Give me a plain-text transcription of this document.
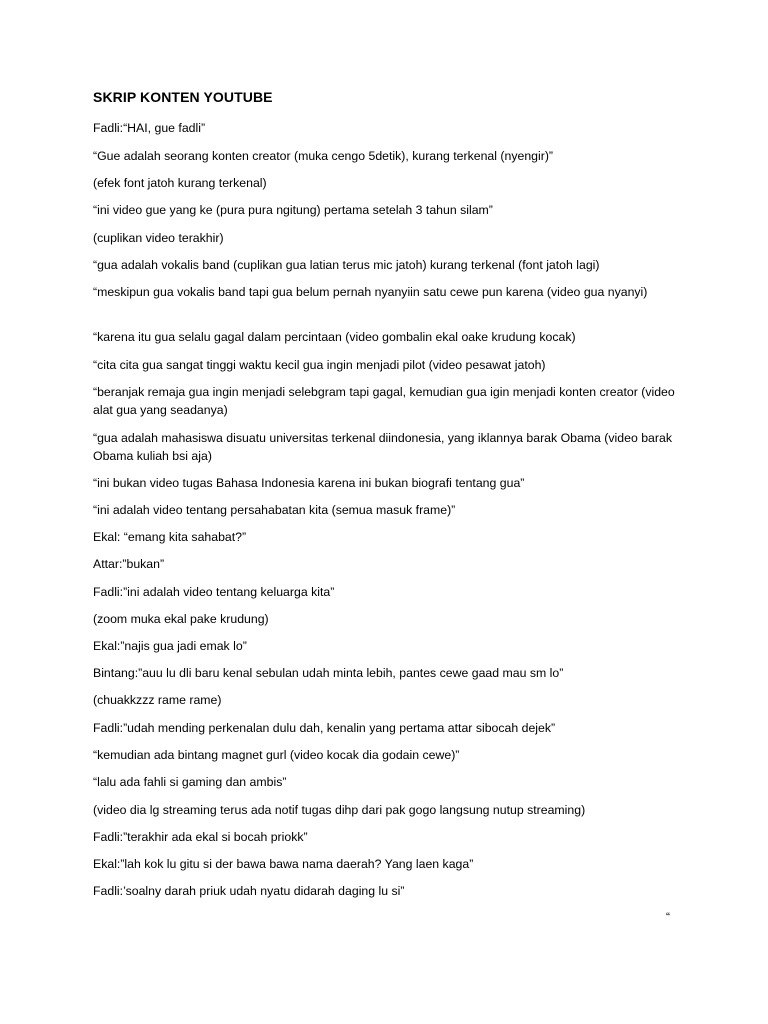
SKRIP KONTEN YOUTUBE
Fadli:“HAI, gue fadli”
“Gue adalah seorang konten creator (muka cengo 5detik), kurang terkenal (nyengir)”
(efek font jatoh kurang terkenal)
“ini video gue yang ke (pura pura ngitung) pertama setelah 3 tahun silam”
(cuplikan video terakhir)
“gua adalah vokalis band (cuplikan gua latian terus mic jatoh) kurang terkenal (font jatoh lagi)
“meskipun gua vokalis band tapi gua belum pernah nyanyiin satu cewe pun karena (video gua nyanyi)
“karena itu gua selalu gagal dalam percintaan (video gombalin ekal oake krudung kocak)
“cita cita gua sangat tinggi waktu kecil gua ingin menjadi pilot (video pesawat jatoh)
“beranjak remaja gua ingin menjadi selebgram tapi gagal, kemudian gua igin menjadi konten creator (video alat gua yang seadanya)
“gua adalah mahasiswa disuatu universitas terkenal diindonesia, yang iklannya barak Obama (video barak Obama kuliah bsi aja)
“ini bukan video tugas Bahasa Indonesia karena ini bukan biografi tentang gua”
“ini adalah video tentang persahabatan kita (semua masuk frame)”
Ekal: “emang kita sahabat?”
Attar:”bukan”
Fadli:”ini adalah video tentang keluarga kita”
(zoom muka ekal pake krudung)
Ekal:”najis gua jadi emak lo”
Bintang:”auu lu dli baru kenal sebulan udah minta lebih, pantes cewe gaad mau sm lo”
(chuakkzzz rame rame)
Fadli:”udah mending perkenalan dulu dah, kenalin yang pertama attar sibocah dejek”
“kemudian ada bintang magnet gurl (video kocak dia godain cewe)”
“lalu ada fahli si gaming dan ambis”
(video dia lg streaming terus ada notif tugas dihp dari pak gogo langsung nutup streaming)
Fadli:”terakhir ada ekal si bocah priokk”
Ekal:”lah kok lu gitu si der bawa bawa nama daerah? Yang laen kaga”
Fadli:’soalny darah priuk udah nyatu didarah daging lu si”
“
